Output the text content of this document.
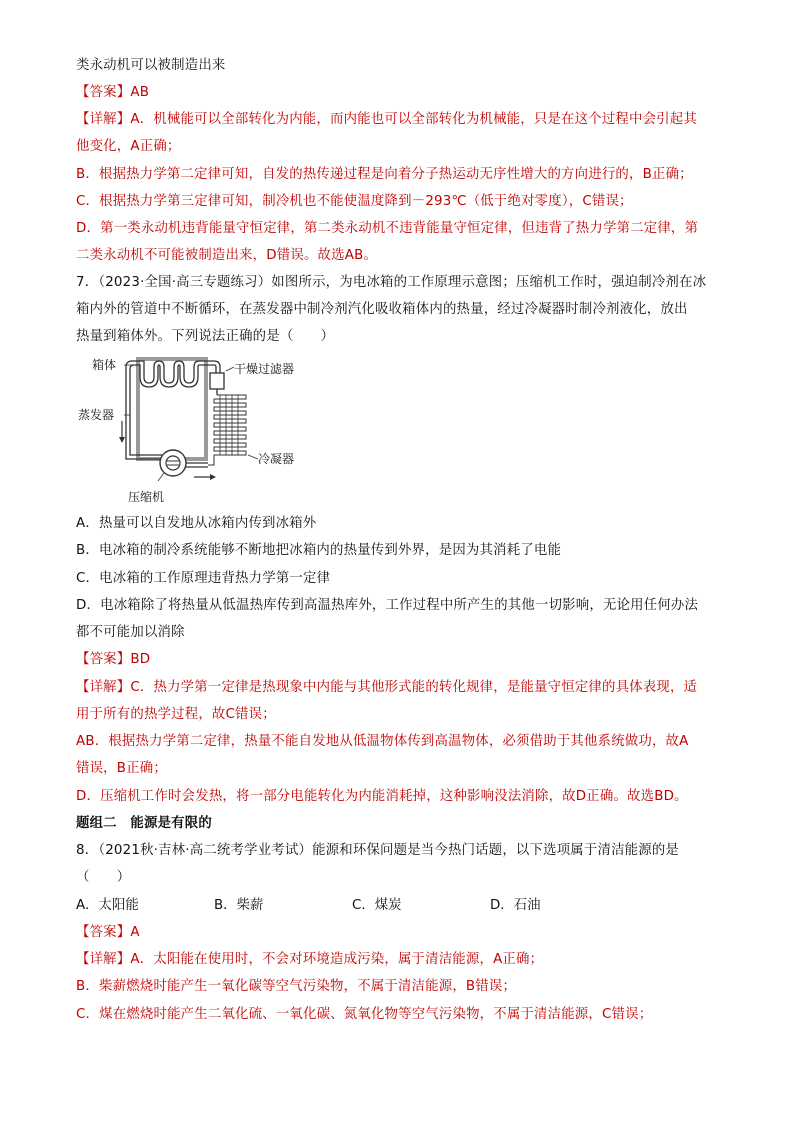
类永动机可以被制造出来
【答案】AB
【详解】A．机械能可以全部转化为内能，而内能也可以全部转化为机械能，只是在这个过程中会引起其
他变化，A正确；
B．根据热力学第二定律可知，自发的热传递过程是向着分子热运动无序性增大的方向进行的，B正确；
C．根据热力学第三定律可知，制冷机也不能使温度降到－293℃（低于绝对零度），C错误；
D．第一类永动机违背能量守恒定律，第二类永动机不违背能量守恒定律，但违背了热力学第二定律，第
二类永动机不可能被制造出来，D错误。故选AB。
7．（2023·全国·高三专题练习）如图所示，为电冰箱的工作原理示意图；压缩机工作时，强迫制冷剂在冰
箱内外的管道中不断循环，在蒸发器中制冷剂汽化吸收箱体内的热量，经过冷凝器时制冷剂液化，放出
热量到箱体外。下列说法正确的是（　　）
箱体	干燥过滤器
蒸发器
冷凝器
压缩机
A．热量可以自发地从冰箱内传到冰箱外
B．电冰箱的制冷系统能够不断地把冰箱内的热量传到外界，是因为其消耗了电能
C．电冰箱的工作原理违背热力学第一定律
D．电冰箱除了将热量从低温热库传到高温热库外，工作过程中所产生的其他一切影响，无论用任何办法
都不可能加以消除
【答案】BD
【详解】C．热力学第一定律是热现象中内能与其他形式能的转化规律，是能量守恒定律的具体表现，适
用于所有的热学过程，故C错误；
AB．根据热力学第二定律，热量不能自发地从低温物体传到高温物体，必须借助于其他系统做功，故A
错误，B正确；
D．压缩机工作时会发热，将一部分电能转化为内能消耗掉，这种影响没法消除，故D正确。故选BD。
题组二　能源是有限的
8．（2021秋·吉林·高二统考学业考试）能源和环保问题是当今热门话题，以下选项属于清洁能源的是
（　　）
A．太阳能	B．柴薪	C．煤炭	D．石油
【答案】A
【详解】A．太阳能在使用时，不会对环境造成污染，属于清洁能源，A正确；
B．柴薪燃烧时能产生一氧化碳等空气污染物，不属于清洁能源，B错误；
C．煤在燃烧时能产生二氧化硫、一氧化碳、氮氧化物等空气污染物，不属于清洁能源，C错误；
